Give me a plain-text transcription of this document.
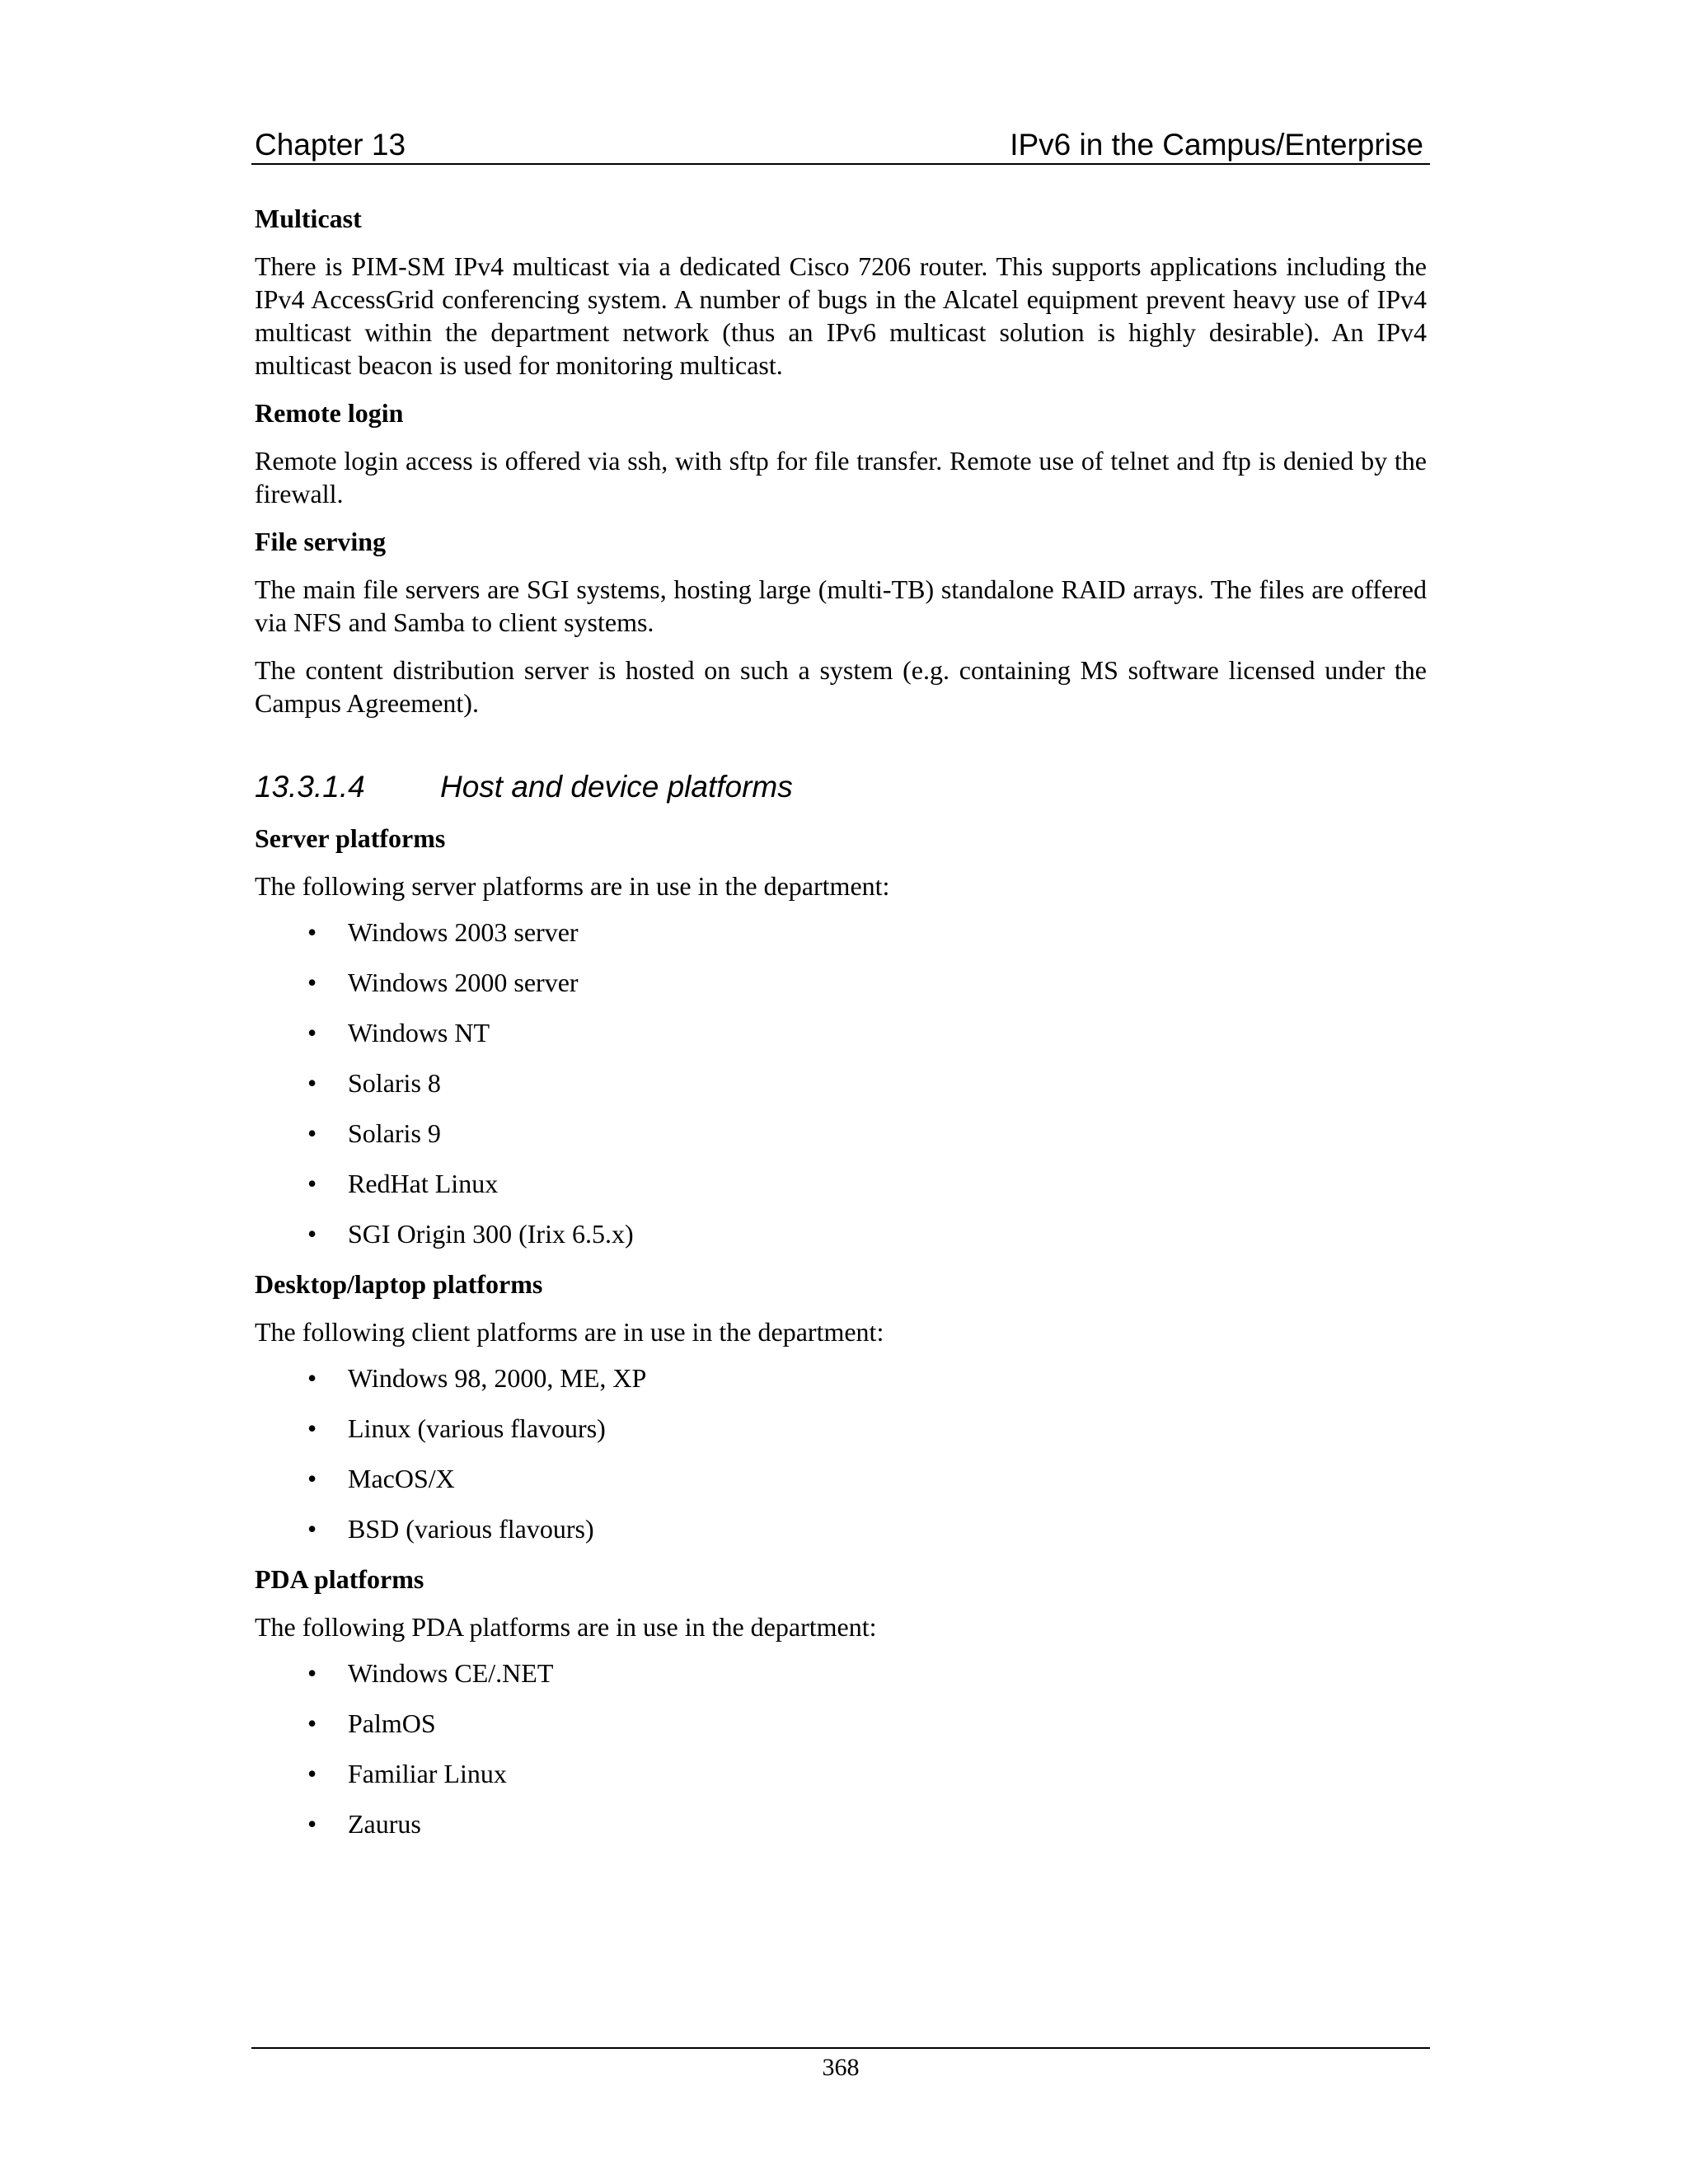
Chapter 13	IPv6 in the Campus/Enterprise
Multicast

There is PIM-SM IPv4 multicast via a dedicated Cisco 7206 router. This supports applications including the IPv4 AccessGrid conferencing system. A number of bugs in the Alcatel equipment prevent heavy use of IPv4 multicast within the department network (thus an IPv6 multicast solution is highly desirable). An IPv4 multicast beacon is used for monitoring multicast.

Remote login

Remote login access is offered via ssh, with sftp for file transfer. Remote use of telnet and ftp is denied by the firewall.

File serving

The main file servers are SGI systems, hosting large (multi-TB) standalone RAID arrays. The files are offered via NFS and Samba to client systems.

The content distribution server is hosted on such a system (e.g. containing MS software licensed under the Campus Agreement).

13.3.1.4	Host and device platforms
Server platforms

The following server platforms are in use in the department:

• Windows 2003 server
• Windows 2000 server
• Windows NT
• Solaris 8
• Solaris 9
• RedHat Linux
• SGI Origin 300 (Irix 6.5.x)
Desktop/laptop platforms

The following client platforms are in use in the department:

• Windows 98, 2000, ME, XP
• Linux (various flavours)
• MacOS/X
• BSD (various flavours)
PDA platforms

The following PDA platforms are in use in the department:

• Windows CE/.NET
• PalmOS
• Familiar Linux
• Zaurus
368
